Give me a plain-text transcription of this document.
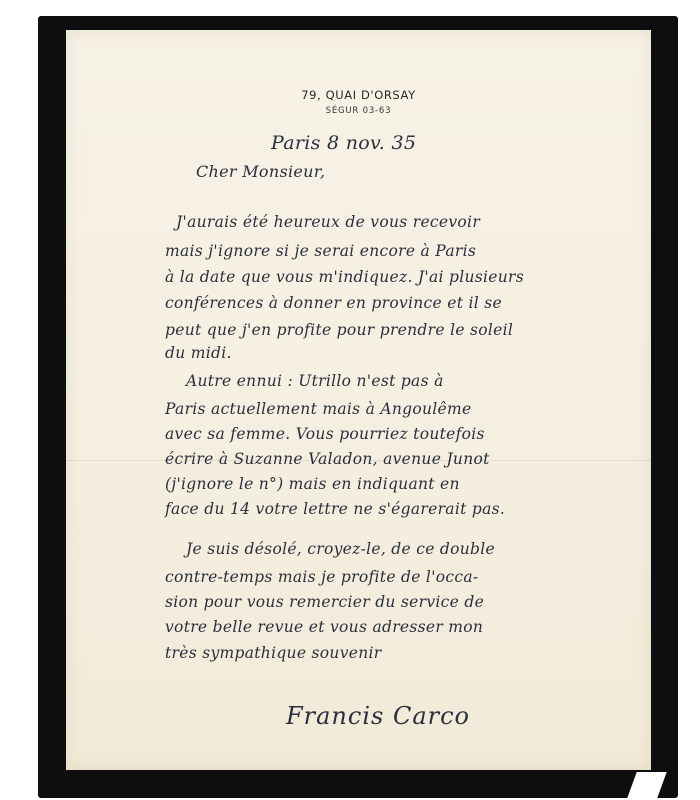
79, QUAI D'ORSAY
SÉGUR 03-63
Paris 8 nov. 35
Cher Monsieur,
J'aurais été heureux de vous recevoir
mais j'ignore si je serai encore à Paris
à la date que vous m'indiquez. J'ai plusieurs
conférences à donner en province et il se
peut que j'en profite pour prendre le soleil
du midi.
Autre ennui : Utrillo n'est pas à
Paris actuellement mais à Angoulême
avec sa femme. Vous pourriez toutefois
écrire à Suzanne Valadon, avenue Junot
(j'ignore le n°) mais en indiquant en
face du 14 votre lettre ne s'égarerait pas.
Je suis désolé, croyez-le, de ce double
contre-temps mais je profite de l'occa-
sion pour vous remercier du service de
votre belle revue et vous adresser mon
très sympathique souvenir
Francis Carco
